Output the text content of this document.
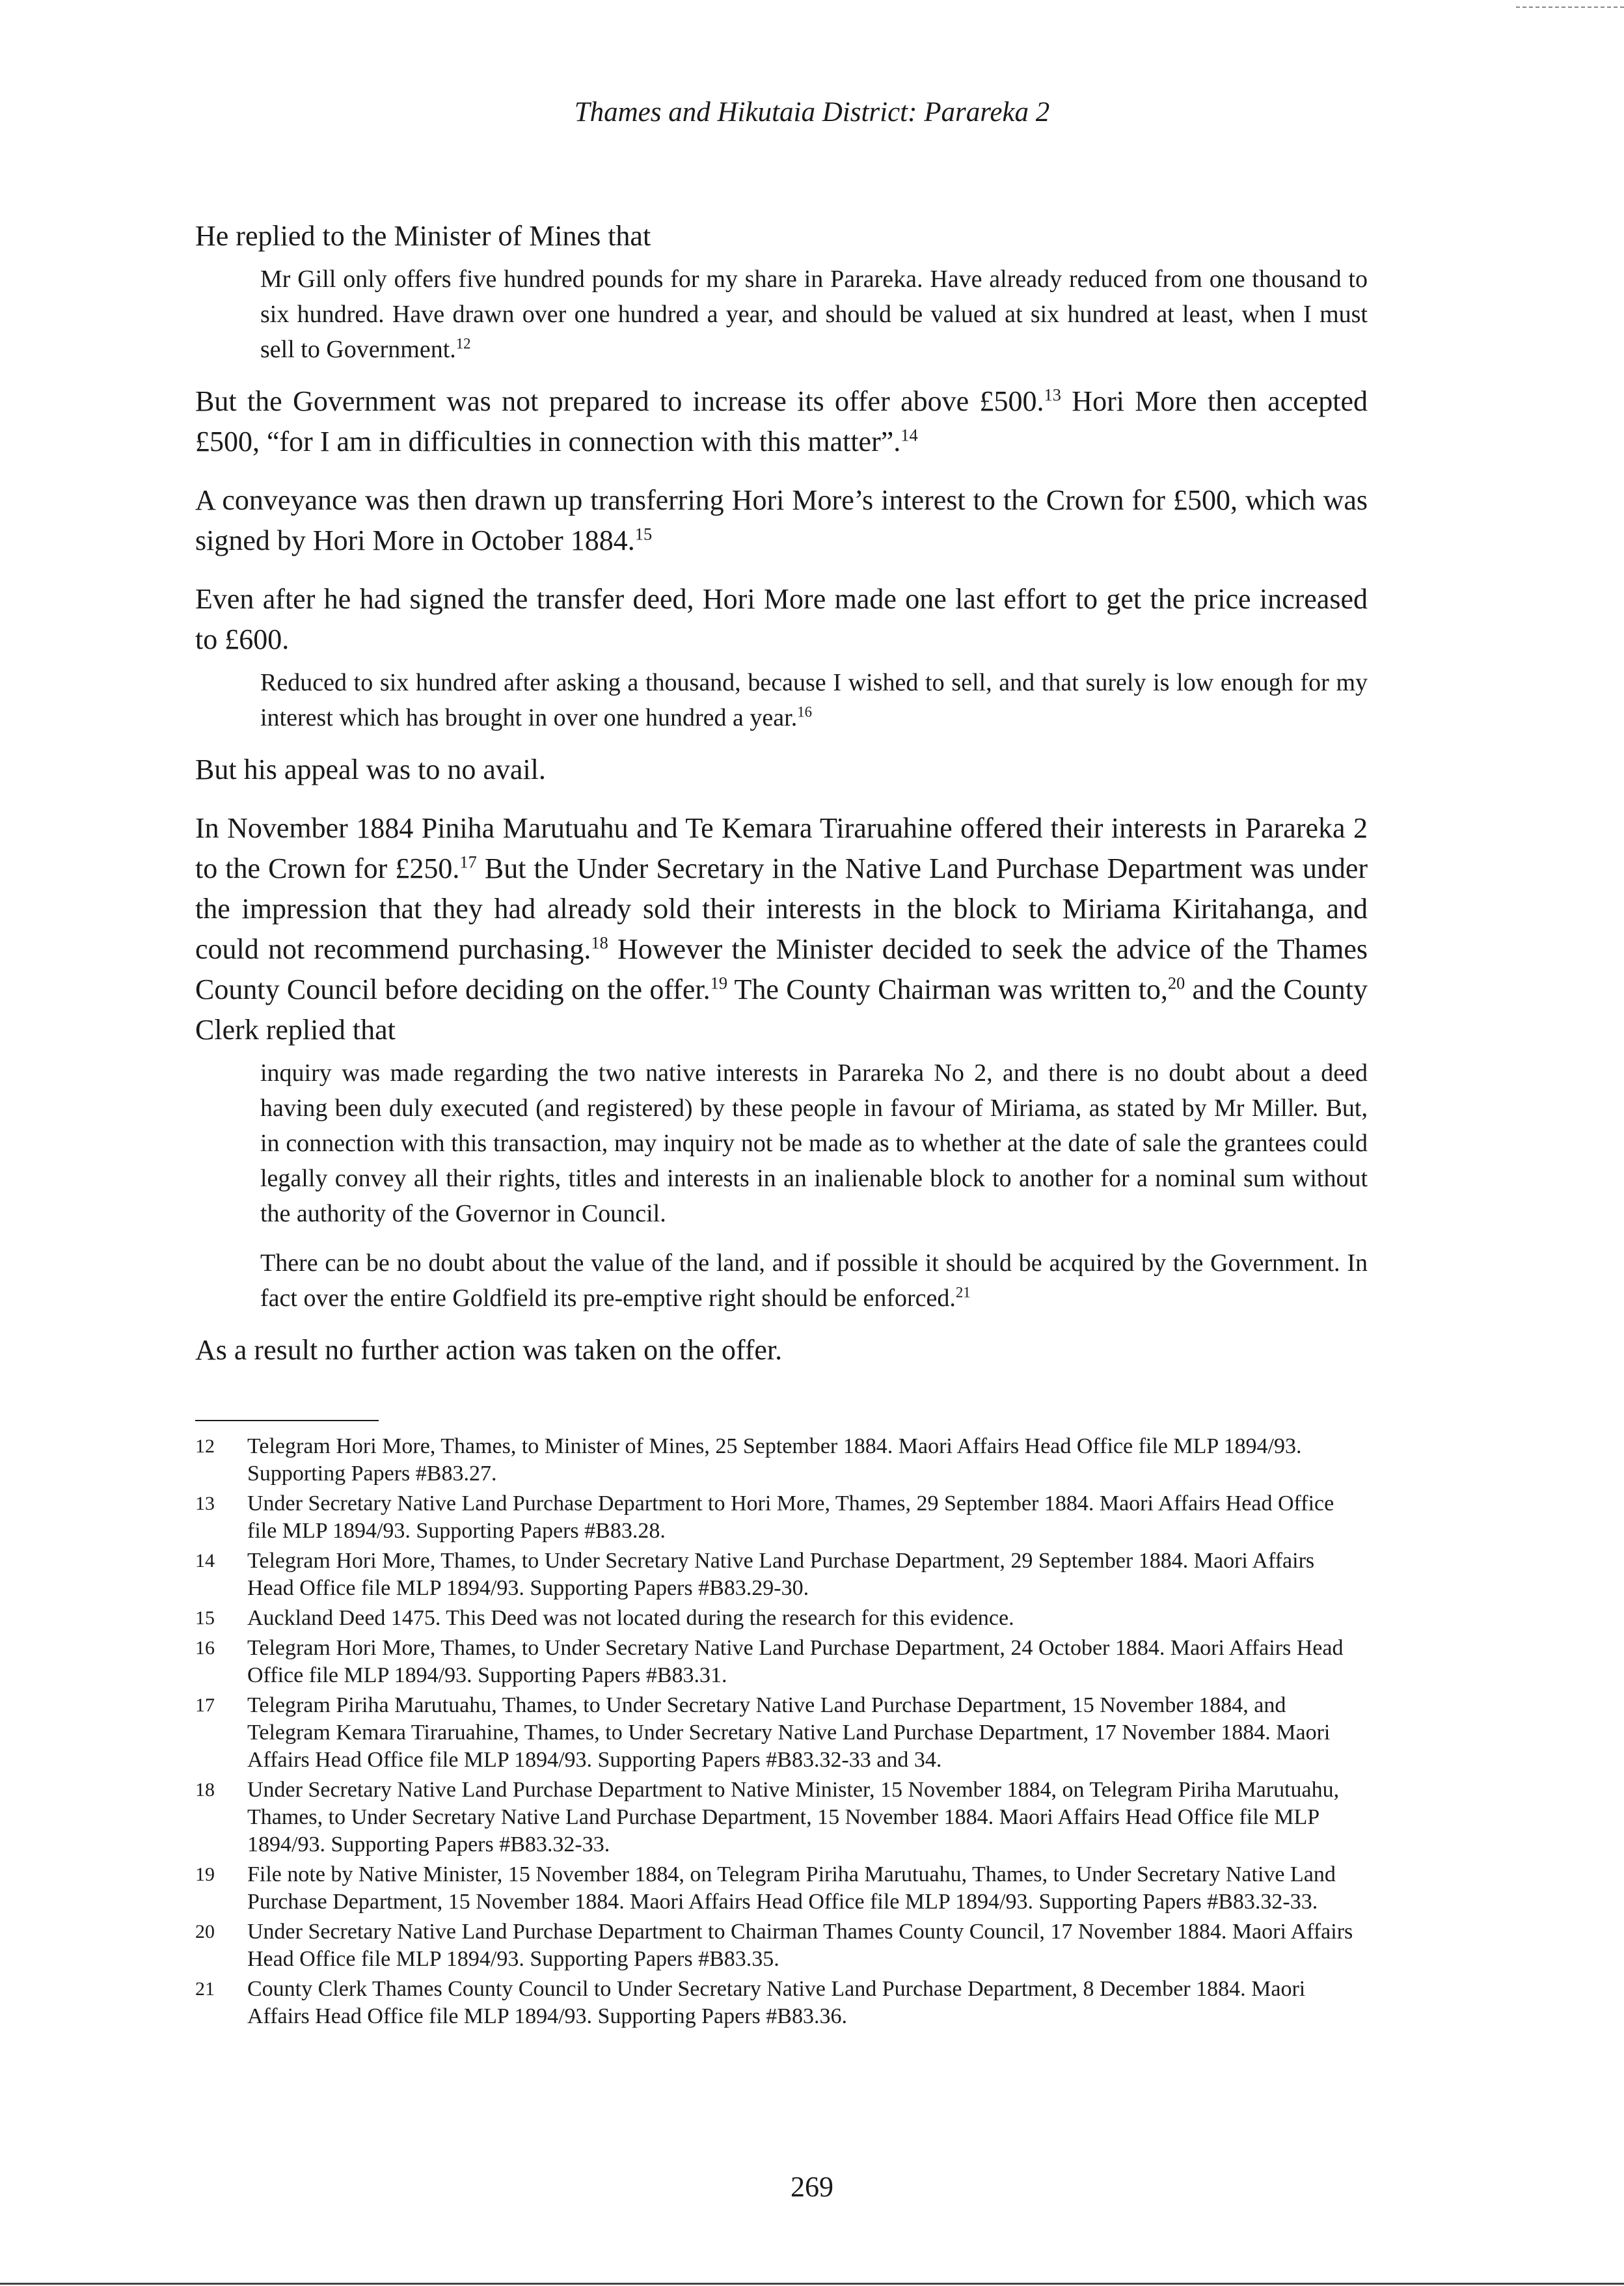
Thames and Hikutaia District: Parareka 2

He replied to the Minister of Mines that

Mr Gill only offers five hundred pounds for my share in Parareka. Have already reduced from one thousand to six hundred. Have drawn over one hundred a year, and should be valued at six hundred at least, when I must sell to Government.$^{12}$

But the Government was not prepared to increase its offer above £500.13 Hori More then accepted £500, “for I am in difficulties in connection with this matter”.$^{14}$

A conveyance was then drawn up transferring Hori More’s interest to the Crown for £500, which was signed by Hori More in October 1884.15

Even after he had signed the transfer deed, Hori More made one last effort to get the price increased to £600.

Reduced to six hundred after asking a thousand, because I wished to sell, and that surely is low enough for my interest which has brought in over one hundred a year.$^{16}$

But his appeal was to no avail.

In November 1884 Piniha Marutuahu and Te Kemara Tiraruahine offered their interests in Parareka 2 to the Crown for £250.17 But the Under Secretary in the Native Land Purchase Department was under the impression that they had already sold their interests in the block to Miriama Kiritahanga, and could not recommend purchasing.$^{18}$ However the Minister decided to seek the advice of the Thames County Council before deciding on the offer.$^{19}$ The County Chairman was written to,$^{20}$ and the County Clerk replied that

inquiry was made regarding the two native interests in Parareka No 2, and there is no doubt about a deed having been duly executed (and registered) by these people in favour of Miriama, as stated by Mr Miller. But, in connection with this transaction, may inquiry not be made as to whether at the date of sale the grantees could legally convey all their rights, titles and interests in an inalienable block to another for a nominal sum without the authority of the Governor in Council.
There can be no doubt about the value of the land, and if possible it should be acquired by the Government. In fact over the entire Goldfield its pre-emptive right should be enforced.$^{21}$

As a result no further action was taken on the offer.

12 Telegram Hori More, Thames, to Minister of Mines, 25 September 1884. Maori Affairs Head Office file MLP 1894/93. Supporting Papers #B83.27.
13 Under Secretary Native Land Purchase Department to Hori More, Thames, 29 September 1884. Maori Affairs Head Office file MLP 1894/93. Supporting Papers #B83.28.
14 Telegram Hori More, Thames, to Under Secretary Native Land Purchase Department, 29 September 1884. Maori Affairs Head Office file MLP 1894/93. Supporting Papers #B83.29-30.
15 Auckland Deed 1475. This Deed was not located during the research for this evidence.
16 Telegram Hori More, Thames, to Under Secretary Native Land Purchase Department, 24 October 1884. Maori Affairs Head Office file MLP 1894/93. Supporting Papers #B83.31.
17 Telegram Piriha Marutuahu, Thames, to Under Secretary Native Land Purchase Department, 15 November 1884, and Telegram Kemara Tiraruahine, Thames, to Under Secretary Native Land Purchase Department, 17 November 1884. Maori Affairs Head Office file MLP 1894/93. Supporting Papers #B83.32-33 and 34.
18 Under Secretary Native Land Purchase Department to Native Minister, 15 November 1884, on Telegram Piriha Marutuahu, Thames, to Under Secretary Native Land Purchase Department, 15 November 1884. Maori Affairs Head Office file MLP 1894/93. Supporting Papers #B83.32-33.
19 File note by Native Minister, 15 November 1884, on Telegram Piriha Marutuahu, Thames, to Under Secretary Native Land Purchase Department, 15 November 1884. Maori Affairs Head Office file MLP 1894/93. Supporting Papers #B83.32-33.
20 Under Secretary Native Land Purchase Department to Chairman Thames County Council, 17 November 1884. Maori Affairs Head Office file MLP 1894/93. Supporting Papers #B83.35.
21 County Clerk Thames County Council to Under Secretary Native Land Purchase Department, 8 December 1884. Maori Affairs Head Office file MLP 1894/93. Supporting Papers #B83.36.
269
